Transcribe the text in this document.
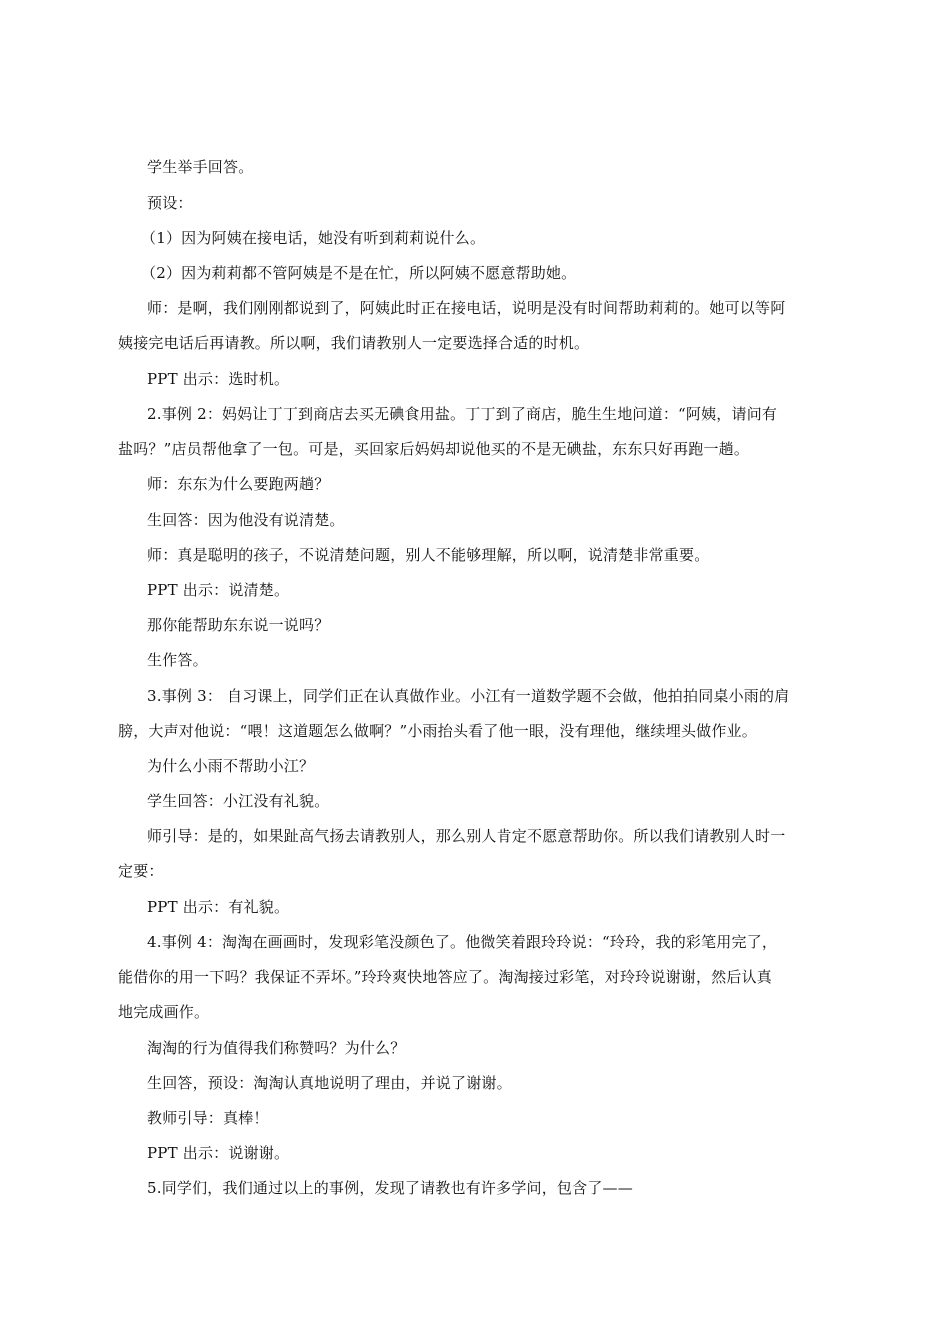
学生举手回答。
预设：
（1）因为阿姨在接电话，她没有听到莉莉说什么。
（2）因为莉莉都不管阿姨是不是在忙，所以阿姨不愿意帮助她。
师：是啊，我们刚刚都说到了，阿姨此时正在接电话，说明是没有时间帮助莉莉的。她可以等阿
姨接完电话后再请教。所以啊，我们请教别人一定要选择合适的时机。
PPT 出示：选时机。
2.事例 2：妈妈让丁丁到商店去买无碘食用盐。丁丁到了商店，脆生生地问道：“阿姨，请问有
盐吗？”店员帮他拿了一包。可是，买回家后妈妈却说他买的不是无碘盐，东东只好再跑一趟。
师：东东为什么要跑两趟？
生回答：因为他没有说清楚。
师：真是聪明的孩子，不说清楚问题，别人不能够理解，所以啊，说清楚非常重要。
PPT 出示：说清楚。
那你能帮助东东说一说吗？
生作答。
3.事例 3： 自习课上，同学们正在认真做作业。小江有一道数学题不会做，他拍拍同桌小雨的肩
膀，大声对他说：“喂！这道题怎么做啊？”小雨抬头看了他一眼，没有理他，继续埋头做作业。
为什么小雨不帮助小江？
学生回答：小江没有礼貌。
师引导：是的，如果趾高气扬去请教别人，那么别人肯定不愿意帮助你。所以我们请教别人时一
定要：
PPT 出示：有礼貌。
4.事例 4：淘淘在画画时，发现彩笔没颜色了。他微笑着跟玲玲说：“玲玲，我的彩笔用完了，
能借你的用一下吗？我保证不弄坏。”玲玲爽快地答应了。淘淘接过彩笔，对玲玲说谢谢，然后认真
地完成画作。
淘淘的行为值得我们称赞吗？为什么？
生回答，预设：淘淘认真地说明了理由，并说了谢谢。
教师引导：真棒！
PPT 出示：说谢谢。
5.同学们，我们通过以上的事例，发现了请教也有许多学问，包含了——
